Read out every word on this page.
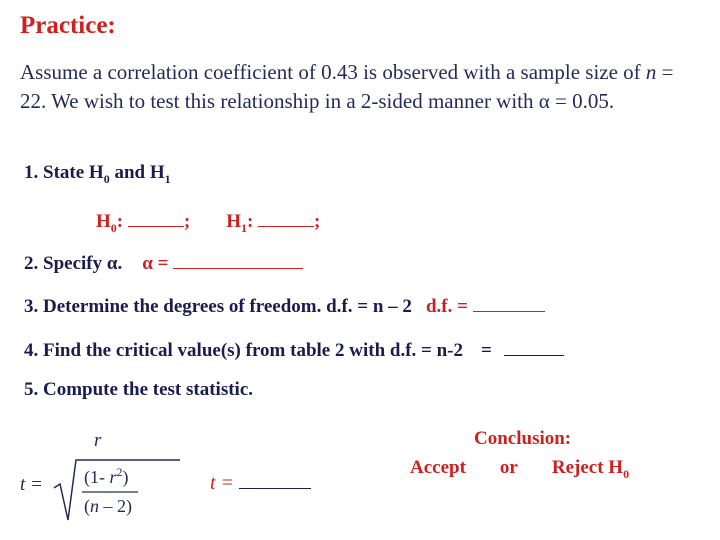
Practice:
Assume a correlation coefficient of 0.43 is observed with a sample size of n = 22. We wish to test this relationship in a 2-sided manner with α = 0.05.
1. State $H_0$ and $H_1$
$H_0$:	; $H_1$:	;
2. Specify α. α =
3. Determine the degrees of freedom. d.f. = n – 2 d.f. =
4. Find the critical value(s) from table 2 with d.f. = n-2 =
5. Compute the test statistic.
t =
r
(1- $r^2$)
(n – 2)
t =
Conclusion:
Accept or Reject $H_0$
